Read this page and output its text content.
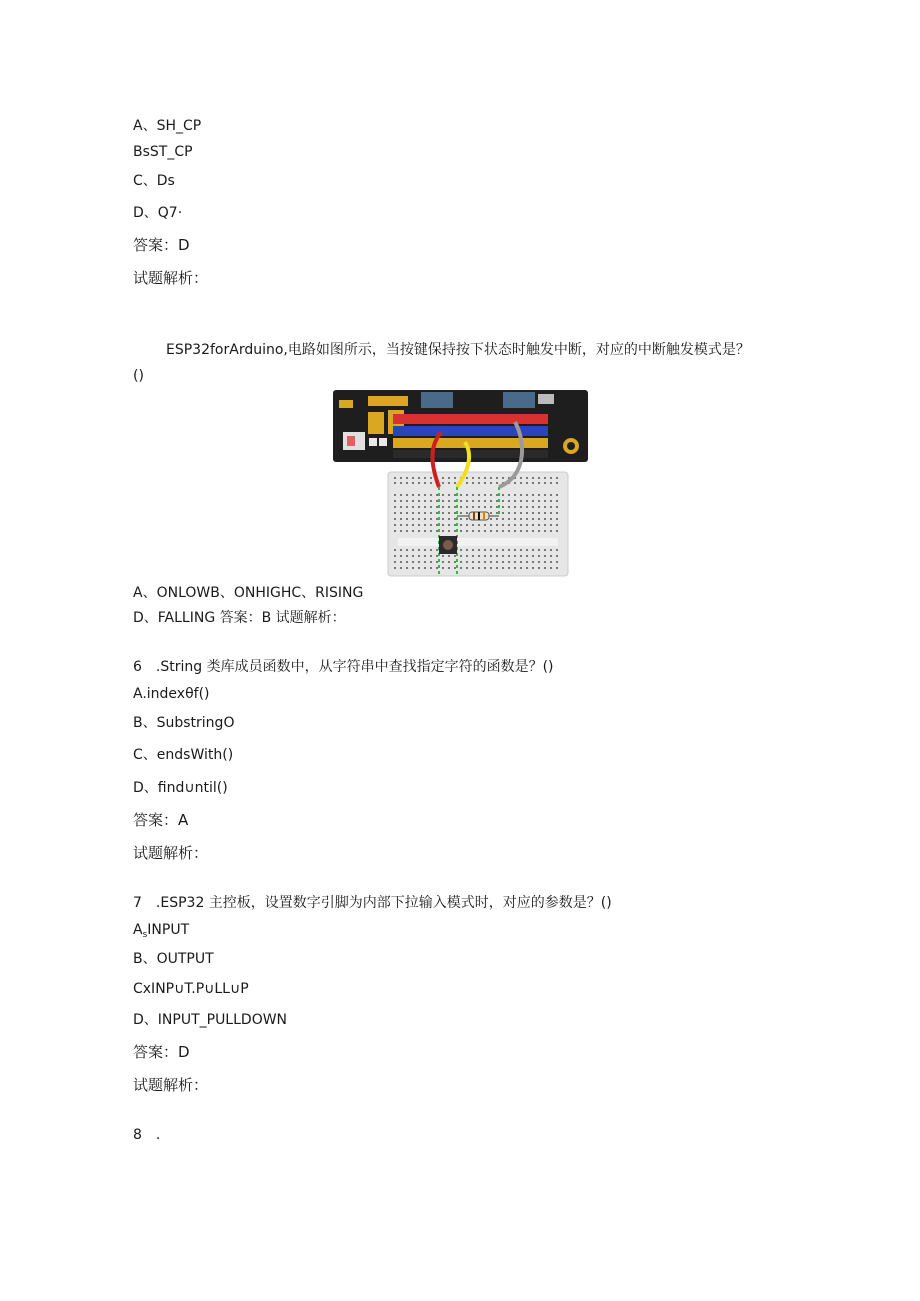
A、SH_CP
BsST_CP
C、Ds
D、Q7·
答案：D
试题解析：
ESP32forArduino,电路如图所示，当按键保持按下状态时触发中断，对应的中断触发模式是？
()
A、ONLOWB、ONHIGHC、RISING
D、FALLING 答案：B 试题解析：
6　.String 类库成员函数中，从字符串中查找指定字符的函数是？()
A.indexθf()
B、SubstringO
C、endsWith()
D、find∪ntil()
答案：A
试题解析：
7　.ESP32 主控板，设置数字引脚为内部下拉输入模式时，对应的参数是？()
$A_sINPUT$
B、OUTPUT
CxINP∪T.P∪LL∪P
D、INPUT_PULLDOWN
答案：D
试题解析：
8　.
